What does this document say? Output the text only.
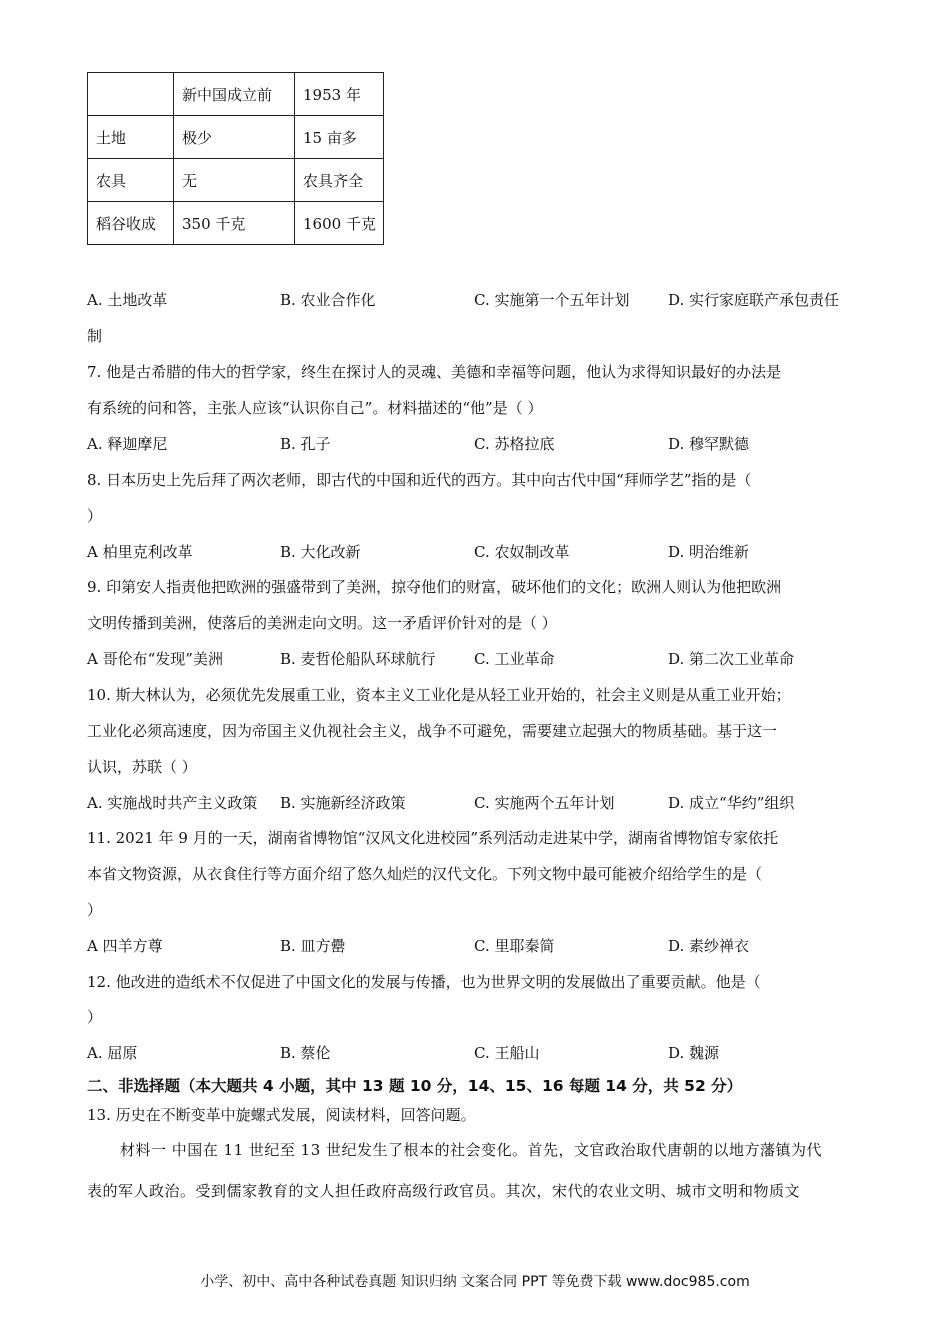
	新中国成立前	1953 年
土地	极少	15 亩多
农具	无	农具齐全
稻谷收成	350 千克	1600 千克
A. 土地改革	B. 农业合作化	C. 实施第一个五年计划	D. 实行家庭联产承包责任
制
7. 他是古希腊的伟大的哲学家，终生在探讨人的灵魂、美德和幸福等问题，他认为求得知识最好的办法是
有系统的问和答，主张人应该“认识你自己”。材料描述的“他”是（ ）
A. 释迦摩尼	B. 孔子	C. 苏格拉底	D. 穆罕默德
8. 日本历史上先后拜了两次老师，即古代的中国和近代的西方。其中向古代中国“拜师学艺”指的是（
）
A 柏里克利改革	B. 大化改新	C. 农奴制改革	D. 明治维新
9. 印第安人指责他把欧洲的强盛带到了美洲，掠夺他们的财富，破坏他们的文化；欧洲人则认为他把欧洲
文明传播到美洲，使落后的美洲走向文明。这一矛盾评价针对的是（ ）
A 哥伦布“发现”美洲	B. 麦哲伦船队环球航行	C. 工业革命	D. 第二次工业革命
10. 斯大林认为，必须优先发展重工业，资本主义工业化是从轻工业开始的，社会主义则是从重工业开始；
工业化必须高速度，因为帝国主义仇视社会主义，战争不可避免，需要建立起强大的物质基础。基于这一
认识，苏联（ ）
A. 实施战时共产主义政策 B. 实施新经济政策	C. 实施两个五年计划	D. 成立“华约”组织
11. 2021 年 9 月的一天，湖南省博物馆“汉风文化进校园”系列活动走进某中学，湖南省博物馆专家依托
本省文物资源，从衣食住行等方面介绍了悠久灿烂的汉代文化。下列文物中最可能被介绍给学生的是（
）
A 四羊方尊	B. 皿方罍	C. 里耶秦简	D. 素纱禅衣
12. 他改进的造纸术不仅促进了中国文化的发展与传播，也为世界文明的发展做出了重要贡献。他是（
）
A. 屈原	B. 蔡伦	C. 王船山	D. 魏源
二、非选择题（本大题共 4 小题，其中 13 题 10 分，14、15、16 每题 14 分，共 52 分）
13. 历史在不断变革中旋螺式发展，阅读材料，回答问题。
材料一 中国在 11 世纪至 13 世纪发生了根本的社会变化。首先，文官政治取代唐朝的以地方藩镇为代
表的军人政治。受到儒家教育的文人担任政府高级行政官员。其次，宋代的农业文明、城市文明和物质文
小学、初中、高中各种试卷真题 知识归纳 文案合同 PPT 等免费下载 www.doc985.com
